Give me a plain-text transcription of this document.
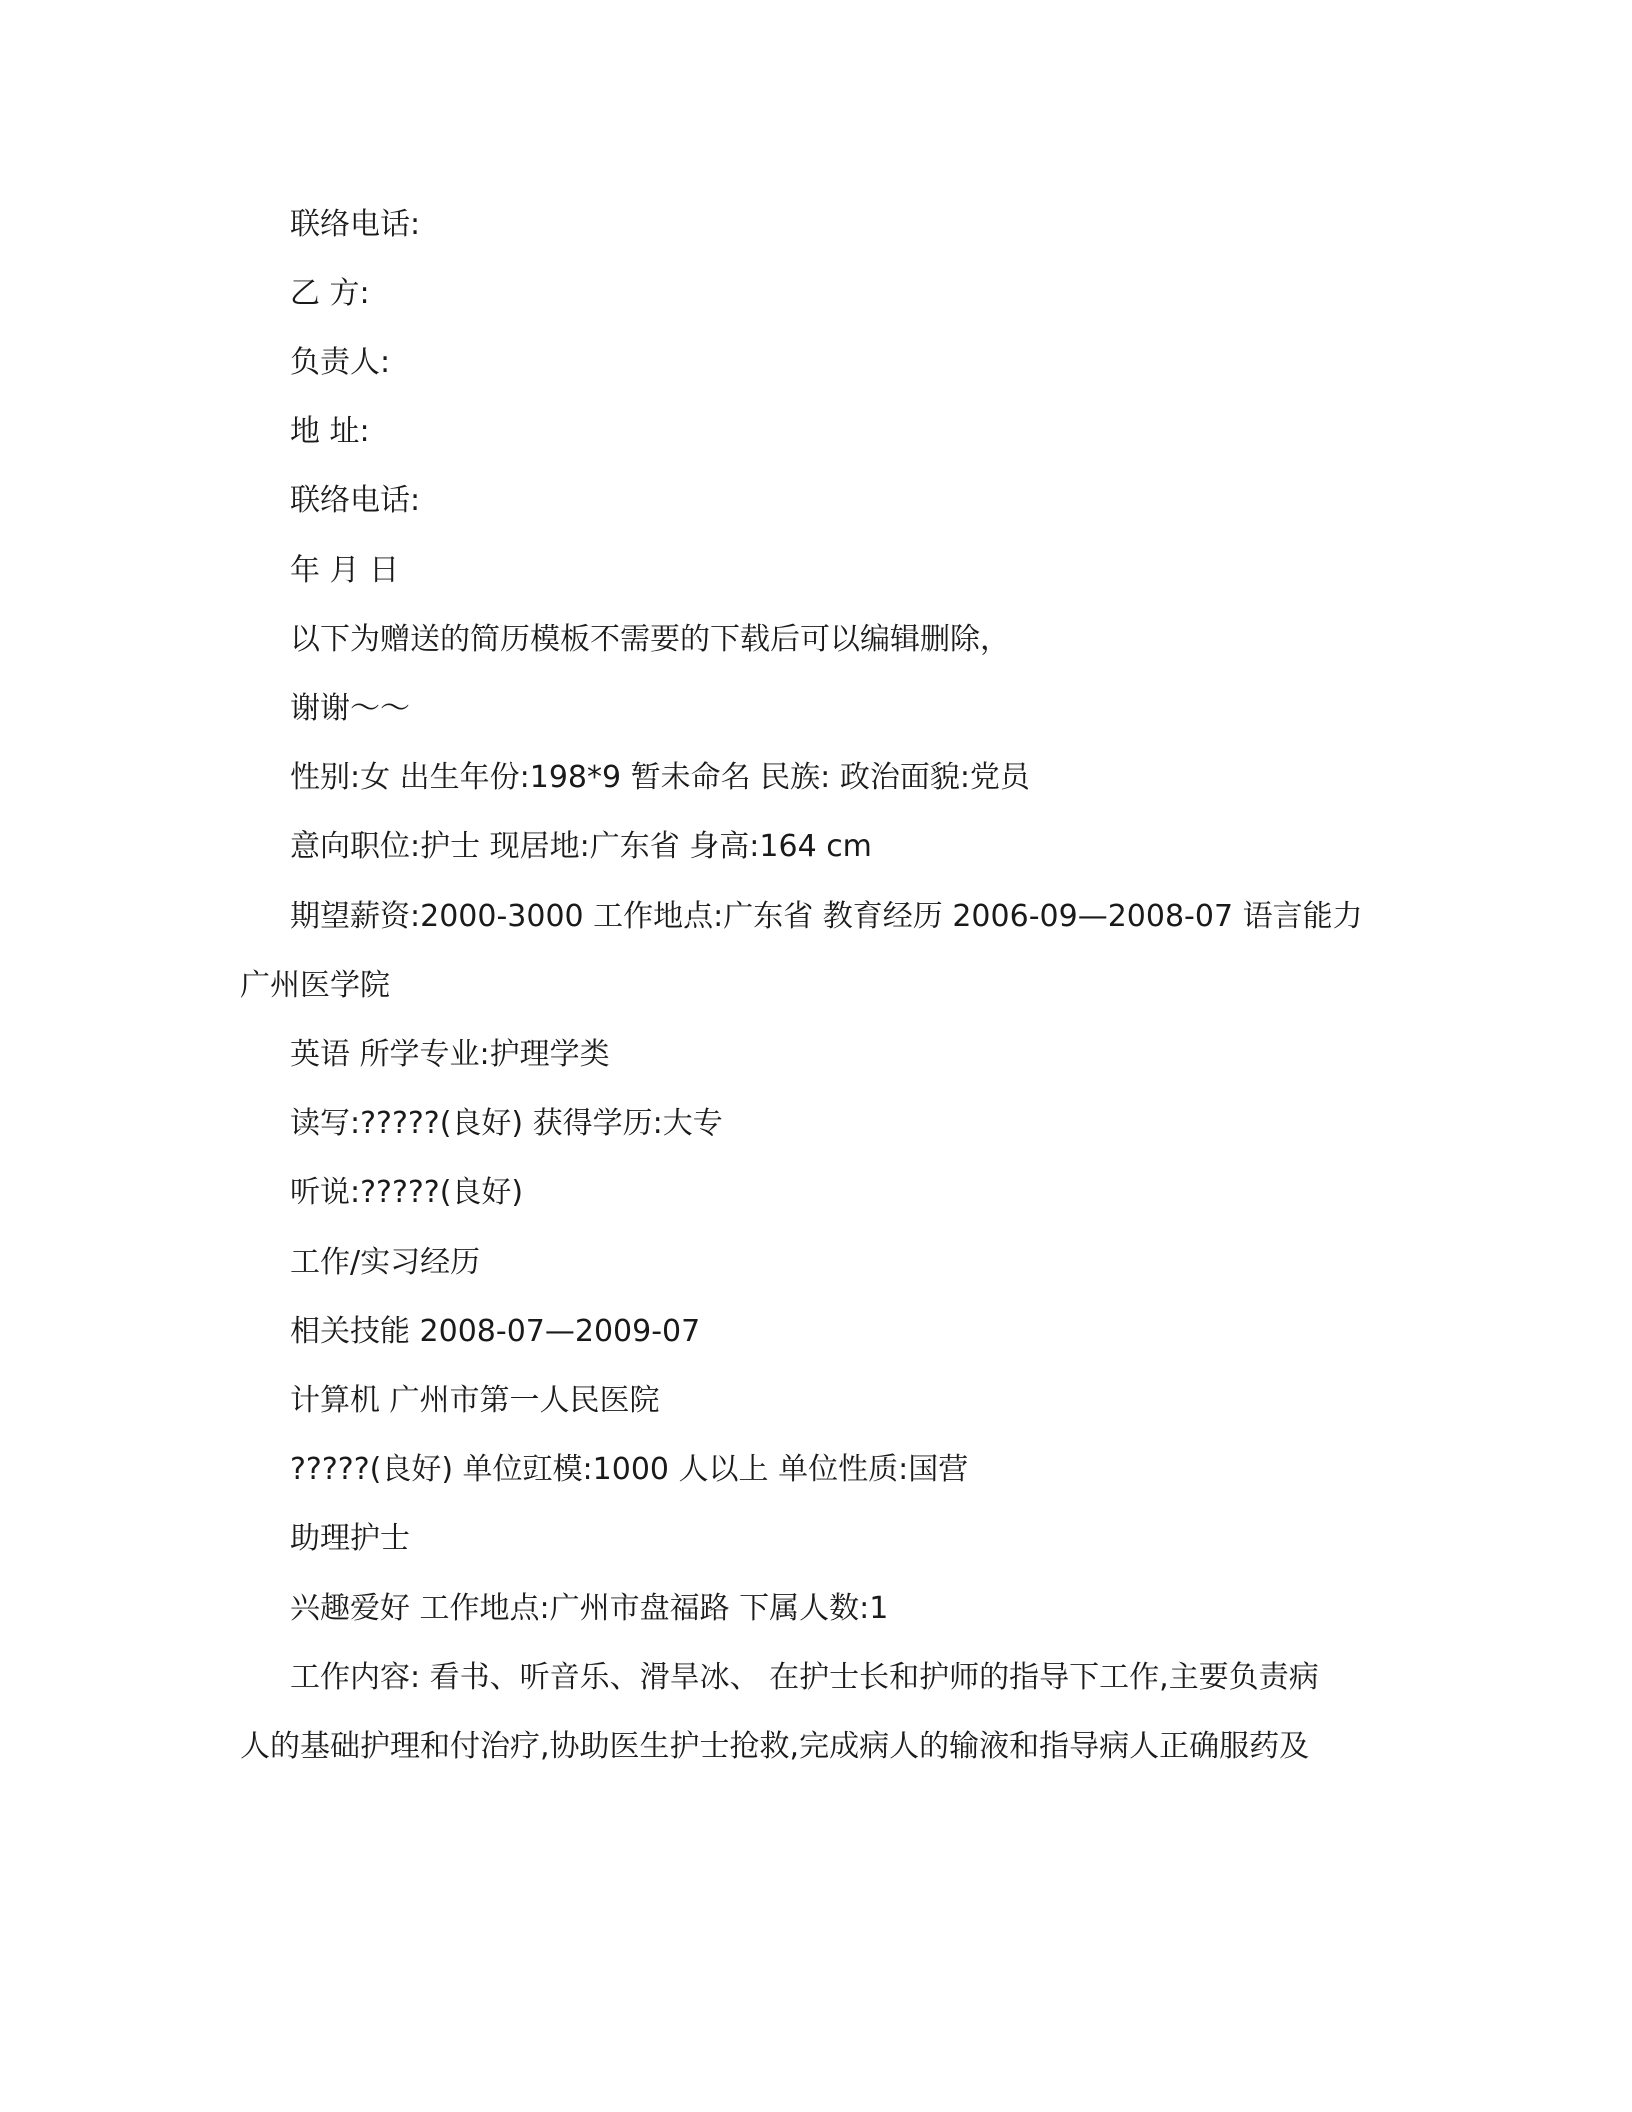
联络电话:
乙 方:
负责人:
地 址:
联络电话:
年 月 日
以下为赠送的简历模板不需要的下载后可以编辑删除，
谢谢～～
性别:女 出生年份:198*9 暂未命名 民族: 政治面貌:党员
意向职位:护士 现居地:广东省 身高:164 cm
期望薪资:2000-3000 工作地点:广东省 教育经历 2006-09—2008-07 语言能力
广州医学院
英语 所学专业:护理学类
读写:?????(良好) 获得学历:大专
听说:?????(良好)
工作/实习经历
相关技能 2008-07—2009-07
计算机 广州市第一人民医院
?????(良好) 单位豇模:1000 人以上 单位性质:国营
助理护士
兴趣爱好 工作地点:广州市盘福路 下属人数:1
工作内容: 看书、听音乐、滑旱冰、 在护士长和护师的指导下工作,主要负责病
人的基础护理和付治疗,协助医生护士抢救,完成病人的输液和指导病人正确服药及
